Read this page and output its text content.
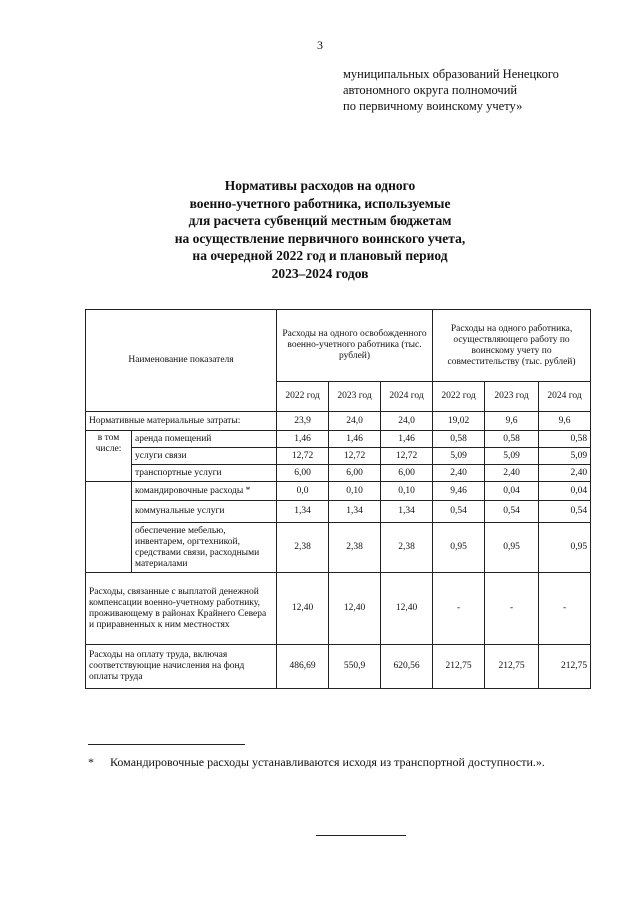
3
муниципальных образований Ненецкого
автономного округа полномочий
по первичному воинскому учету»
Нормативы расходов на одного
военно-учетного работника, используемые
для расчета субвенций местным бюджетам
на осуществление первичного воинского учета,
на очередной 2022 год и плановый период
2023–2024 годов
Наименование показателя		Расходы на одного освобожденного военно-учетного работника (тыс. рублей)			Расходы на одного работника, осуществляющего работу по воинскому учету по совместительству (тыс. рублей)		
		2022 год	2023 год	2024 год	2022 год	2023 год	2024 год
Нормативные материальные затраты:		23,9	24,0	24,0	19,02	9,6	9,6
в том числе:	аренда помещений	1,46	1,46	1,46	0,58	0,58	0,58
	услуги связи	12,72	12,72	12,72	5,09	5,09	5,09
	транспортные услуги	6,00	6,00	6,00	2,40	2,40	2,40
	командировочные расходы *	0,0	0,10	0,10	9,46	0,04	0,04
	коммунальные услуги	1,34	1,34	1,34	0,54	0,54	0,54
	обеспечение мебелью, инвентарем, оргтехникой, средствами связи, расходными материалами	2,38	2,38	2,38	0,95	0,95	0,95
Расходы, связанные с выплатой денежной компенсации военно-учетному работнику, проживающему в районах Крайнего Севера и приравненных к ним местностях		12,40	12,40	12,40	-	-	-
Расходы на оплату труда, включая соответствующие начисления на фонд оплаты труда		486,69	550,9	620,56	212,75	212,75	212,75
* Командировочные расходы устанавливаются исходя из транспортной доступности.».
